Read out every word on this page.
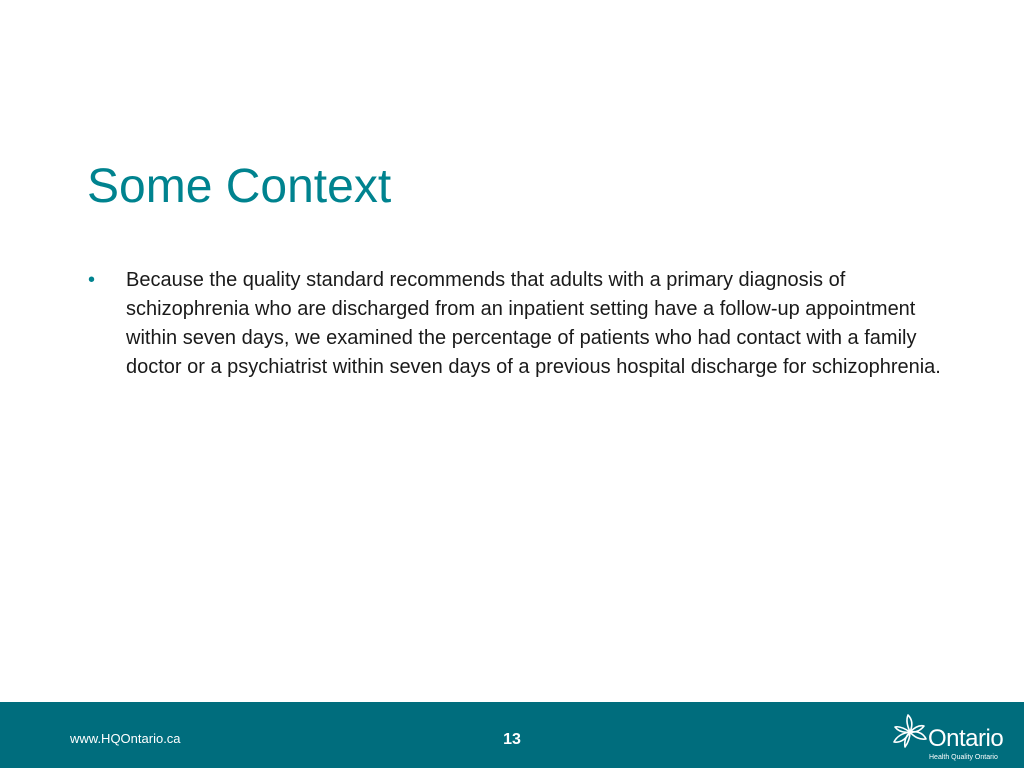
Some Context
•	Because the quality standard recommends that adults with a primary diagnosis of schizophrenia who are discharged from an inpatient setting have a follow-up appointment within seven days, we examined the percentage of patients who had contact with a family doctor or a psychiatrist within seven days of a previous hospital discharge for schizophrenia.
www.HQOntario.ca	13	Ontario
Health Quality Ontario
